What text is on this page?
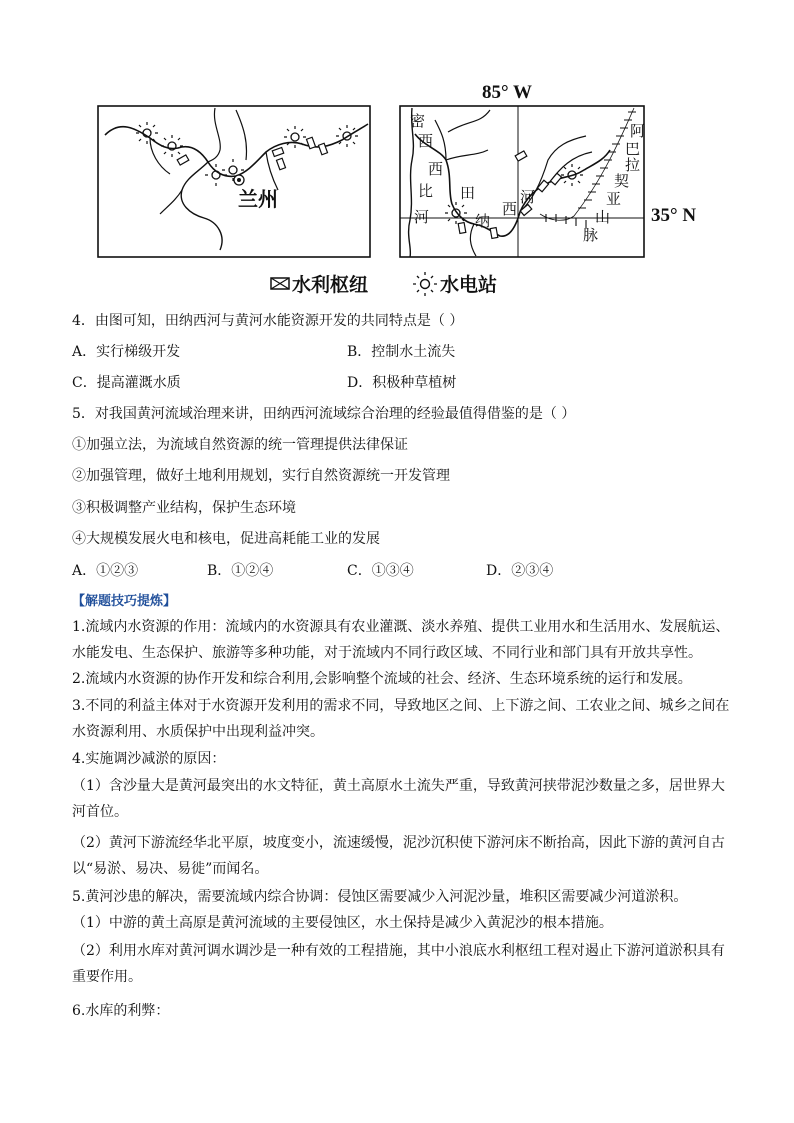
兰州
85° W
35° N
密
西
西
比
河
田
纳
西
河
阿
巴
拉
契
亚
山
脉
水利枢纽	水电站
4．由图可知，田纳西河与黄河水能资源开发的共同特点是（ ）
A．实行梯级开发	B．控制水土流失
C．提高灌溉水质	D．积极种草植树
5．对我国黄河流域治理来讲，田纳西河流域综合治理的经验最值得借鉴的是（ ）
①加强立法，为流域自然资源的统一管理提供法律保证
②加强管理，做好土地利用规划，实行自然资源统一开发管理
③积极调整产业结构，保护生态环境
④大规模发展火电和核电，促进高耗能工业的发展
A．①②③	B．①②④	C．①③④	D．②③④
【解题技巧提炼】
1.流域内水资源的作用：流域内的水资源具有农业灌溉、淡水养殖、提供工业用水和生活用水、发展航运、水能发电、生态保护、旅游等多种功能，对于流域内不同行政区域、不同行业和部门具有开放共享性。
2.流域内水资源的协作开发和综合利用,会影响整个流域的社会、经济、生态环境系统的运行和发展。
3.不同的利益主体对于水资源开发利用的需求不同，导致地区之间、上下游之间、工农业之间、城乡之间在水资源利用、水质保护中出现利益冲突。
4.实施调沙减淤的原因：
（1）含沙量大是黄河最突出的水文特征，黄土高原水土流失严重，导致黄河挟带泥沙数量之多，居世界大河首位。
（2）黄河下游流经华北平原，坡度变小，流速缓慢，泥沙沉积使下游河床不断抬高，因此下游的黄河自古以“易淤、易决、易徙”而闻名。
5.黄河沙患的解决，需要流域内综合协调：侵蚀区需要减少入河泥沙量，堆积区需要减少河道淤积。
（1）中游的黄土高原是黄河流域的主要侵蚀区，水土保持是减少入黄泥沙的根本措施。
（2）利用水库对黄河调水调沙是一种有效的工程措施，其中小浪底水利枢纽工程对遏止下游河道淤积具有重要作用。
6.水库的利弊：
